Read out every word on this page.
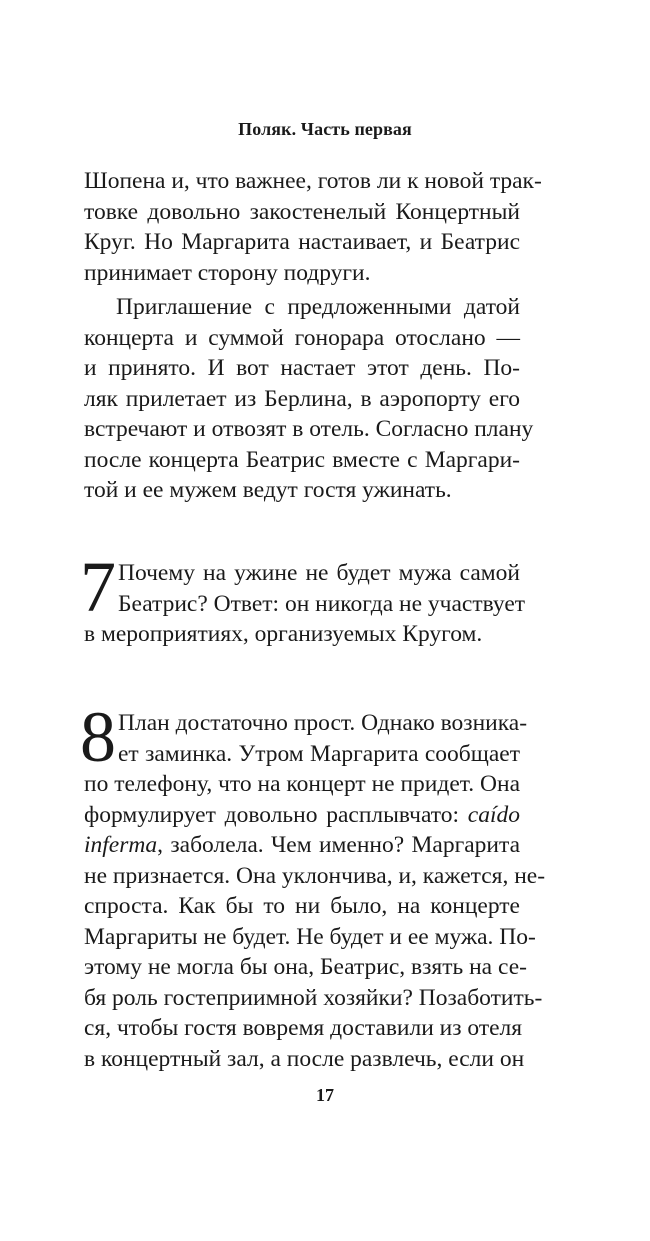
Поляк. Часть первая
Шопена и, что важнее, готов ли к новой трак-
товке довольно закостенелый Концертный
Круг. Но Маргарита настаивает, и Беатрис
принимает сторону подруги.
Приглашение с предложенными датой
концерта и суммой гонорара отослано —
и принято. И вот настает этот день. По-
ляк прилетает из Берлина, в аэропорту его
встречают и отвозят в отель. Согласно плану
после концерта Беатрис вместе с Маргари-
той и ее мужем ведут гостя ужинать.
7 Почему на ужине не будет мужа самой
Беатрис? Ответ: он никогда не участвует
в мероприятиях, организуемых Кругом.
8 План достаточно прост. Однако возника-
ет заминка. Утром Маргарита сообщает
по телефону, что на концерт не придет. Она
формулирует довольно расплывчато: caído
inferma, заболела. Чем именно? Маргарита
не признается. Она уклончива, и, кажется, не-
спроста. Как бы то ни было, на концерте
Маргариты не будет. Не будет и ее мужа. По-
этому не могла бы она, Беатрис, взять на се-
бя роль гостеприимной хозяйки? Позаботить-
ся, чтобы гостя вовремя доставили из отеля
в концертный зал, а после развлечь, если он
17
